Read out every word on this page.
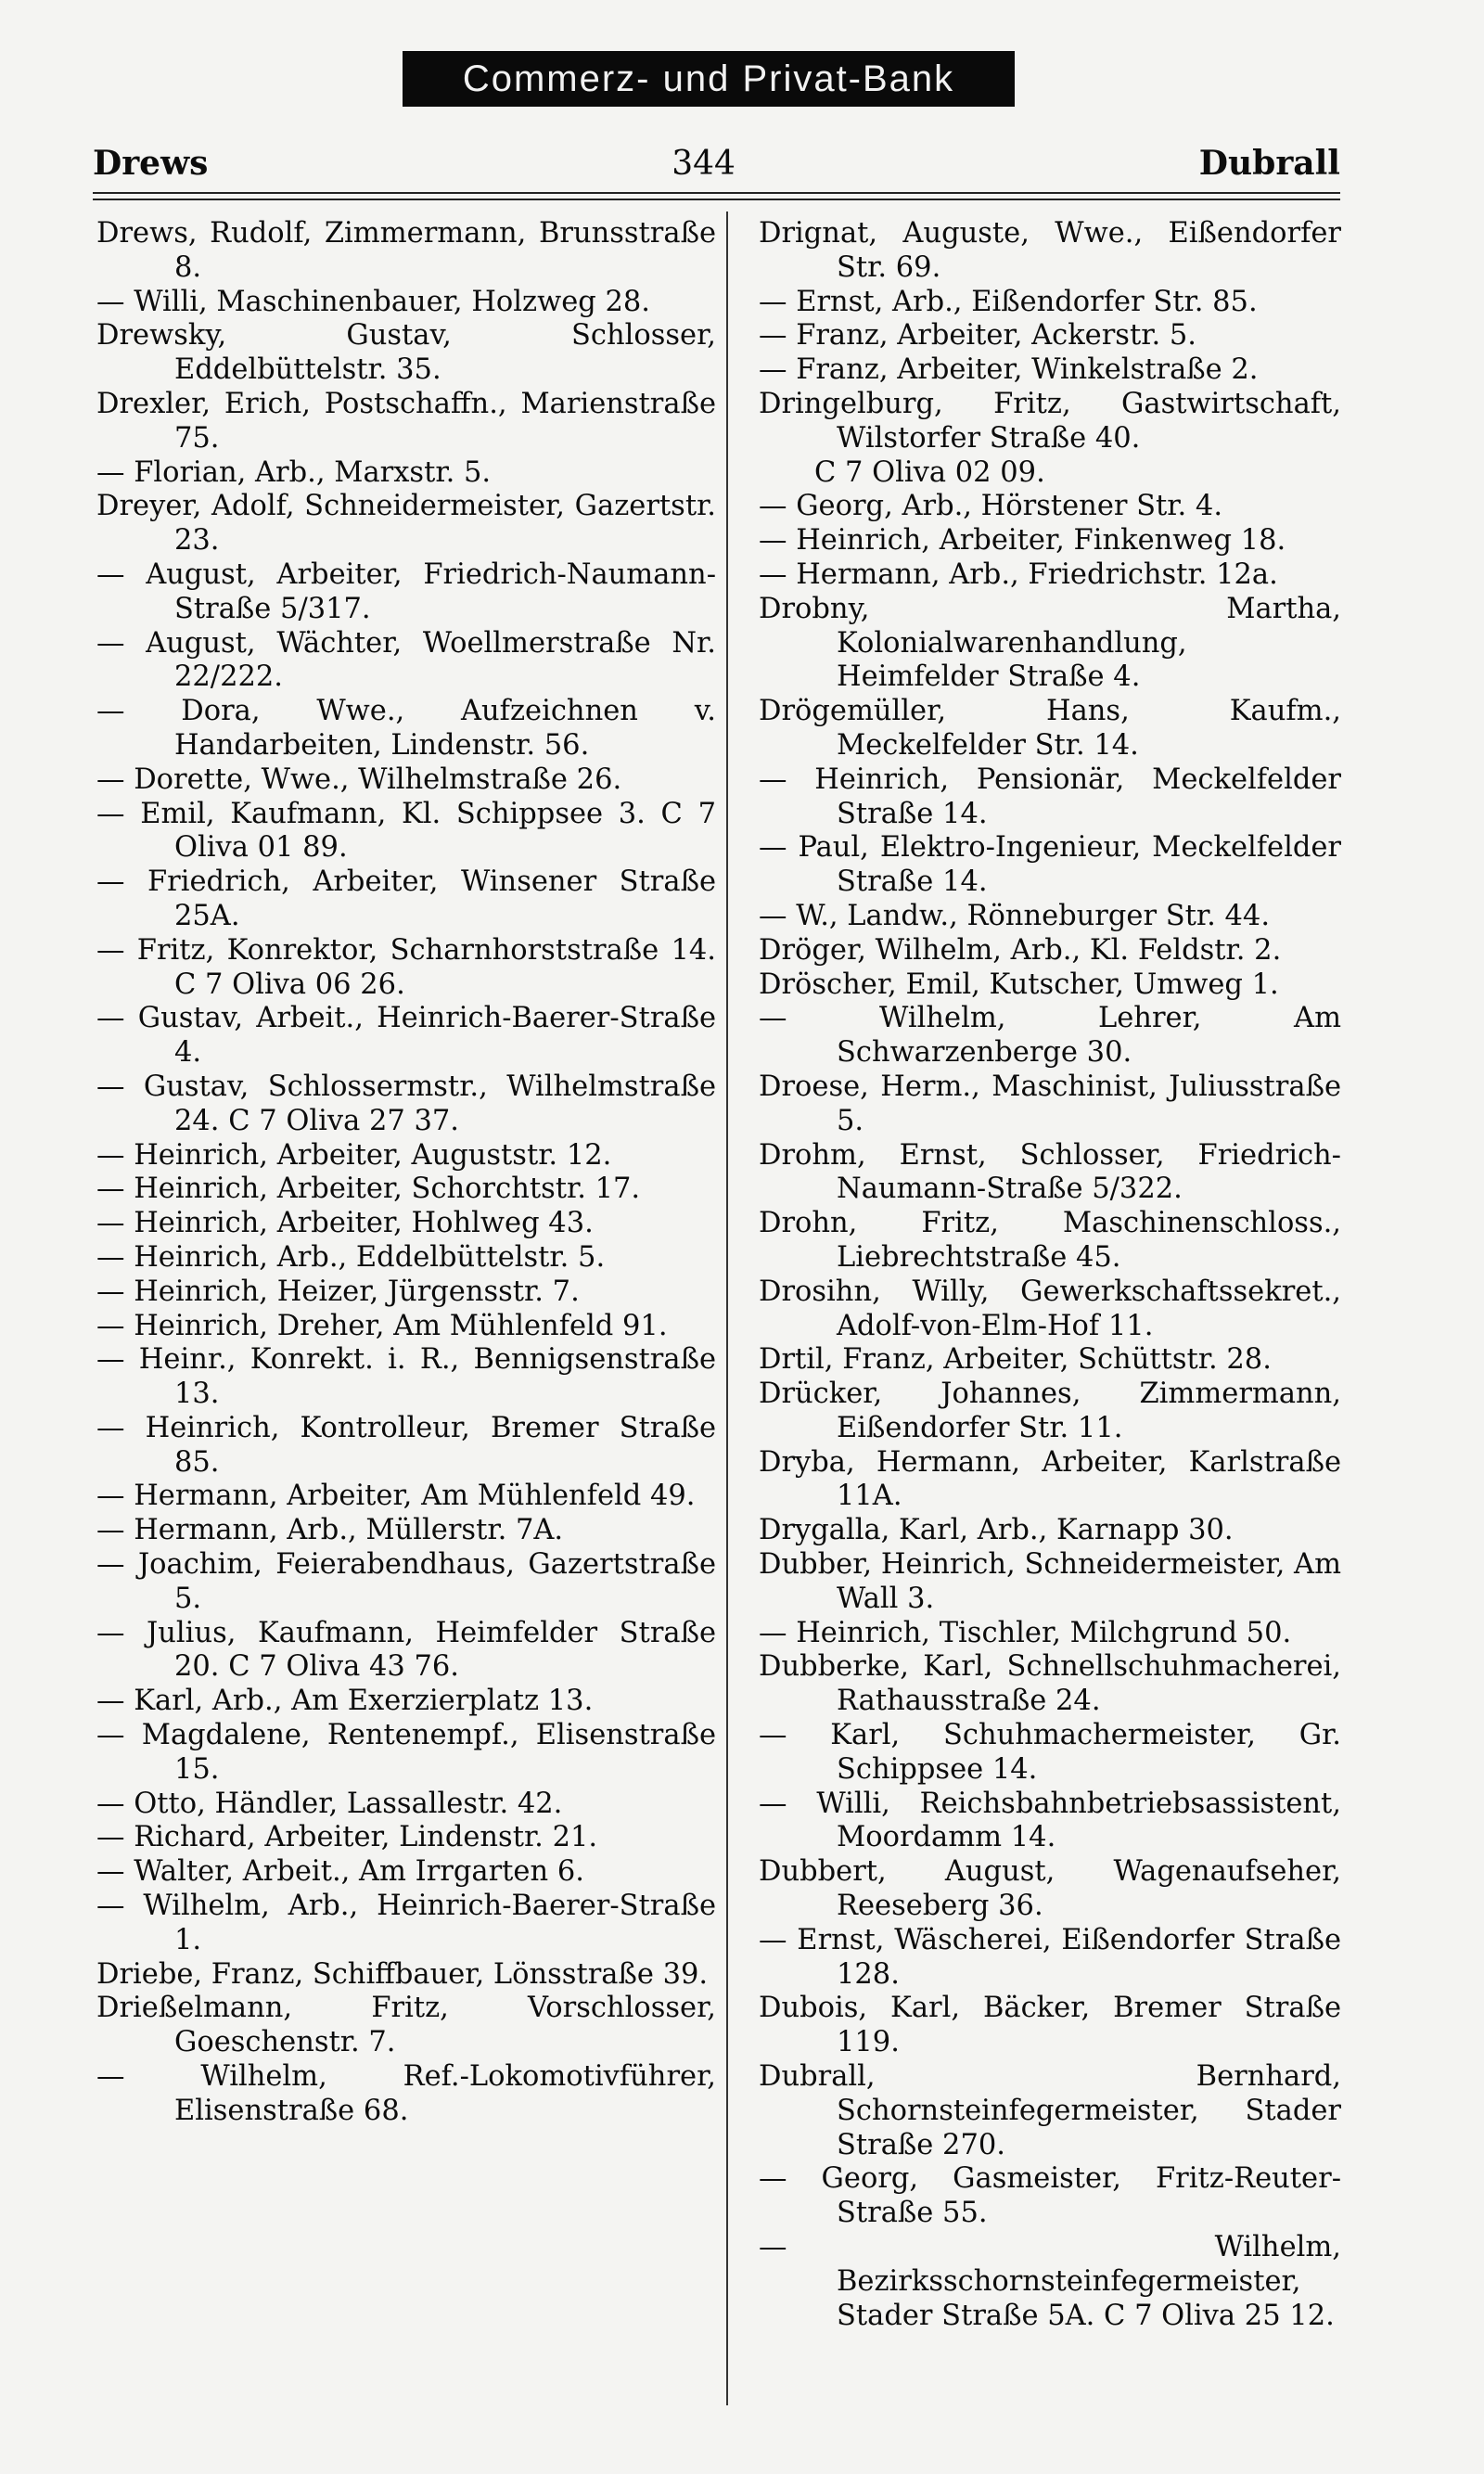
Commerz- und Privat-Bank
Drews	344	Dubrall
Drews, Rudolf, Zimmermann, Brunsstraße 8.
— Willi, Maschinenbauer, Holzweg 28.
Drewsky, Gustav, Schlosser, Eddelbüttelstr. 35.
Drexler, Erich, Postschaffn., Marienstraße 75.
— Florian, Arb., Marxstr. 5.
Dreyer, Adolf, Schneidermeister, Gazertstr. 23.
— August, Arbeiter, Friedrich-Naumann-Straße 5/317.
— August, Wächter, Woellmerstraße Nr. 22/222.
— Dora, Wwe., Aufzeichnen v. Handarbeiten, Lindenstr. 56.
— Dorette, Wwe., Wilhelmstraße 26.
— Emil, Kaufmann, Kl. Schippsee 3. C 7 Oliva 01 89.
— Friedrich, Arbeiter, Winsener Straße 25A.
— Fritz, Konrektor, Scharnhorststraße 14. C 7 Oliva 06 26.
— Gustav, Arbeit., Heinrich-Baerer-Straße 4.
— Gustav, Schlossermstr., Wilhelmstraße 24. C 7 Oliva 27 37.
— Heinrich, Arbeiter, Auguststr. 12.
— Heinrich, Arbeiter, Schorchtstr. 17.
— Heinrich, Arbeiter, Hohlweg 43.
— Heinrich, Arb., Eddelbüttelstr. 5.
— Heinrich, Heizer, Jürgensstr. 7.
— Heinrich, Dreher, Am Mühlenfeld 91.
— Heinr., Konrekt. i. R., Bennigsenstraße 13.
— Heinrich, Kontrolleur, Bremer Straße 85.
— Hermann, Arbeiter, Am Mühlenfeld 49.
— Hermann, Arb., Müllerstr. 7A.
— Joachim, Feierabendhaus, Gazertstraße 5.
— Julius, Kaufmann, Heimfelder Straße 20. C 7 Oliva 43 76.
— Karl, Arb., Am Exerzierplatz 13.
— Magdalene, Rentenempf., Elisenstraße 15.
— Otto, Händler, Lassallestr. 42.
— Richard, Arbeiter, Lindenstr. 21.
— Walter, Arbeit., Am Irrgarten 6.
— Wilhelm, Arb., Heinrich-Baerer-Straße 1.
Driebe, Franz, Schiffbauer, Lönsstraße 39.
Drießelmann, Fritz, Vorschlosser, Goeschenstr. 7.
— Wilhelm, Ref.-Lokomotivführer, Elisenstraße 68.
Drignat, Auguste, Wwe., Eißendorfer Str. 69.
— Ernst, Arb., Eißendorfer Str. 85.
— Franz, Arbeiter, Ackerstr. 5.
— Franz, Arbeiter, Winkelstraße 2.
Dringelburg, Fritz, Gastwirtschaft, Wilstorfer Straße 40.
C 7 Oliva 02 09.
— Georg, Arb., Hörstener Str. 4.
— Heinrich, Arbeiter, Finkenweg 18.
— Hermann, Arb., Friedrichstr. 12a.
Drobny, Martha, Kolonialwarenhandlung, Heimfelder Straße 4.
Drögemüller, Hans, Kaufm., Meckelfelder Str. 14.
— Heinrich, Pensionär, Meckelfelder Straße 14.
— Paul, Elektro-Ingenieur, Meckelfelder Straße 14.
— W., Landw., Rönneburger Str. 44.
Dröger, Wilhelm, Arb., Kl. Feldstr. 2.
Dröscher, Emil, Kutscher, Umweg 1.
— Wilhelm, Lehrer, Am Schwarzenberge 30.
Droese, Herm., Maschinist, Juliusstraße 5.
Drohm, Ernst, Schlosser, Friedrich-Naumann-Straße 5/322.
Drohn, Fritz, Maschinenschloss., Liebrechtstraße 45.
Drosihn, Willy, Gewerkschaftssekret., Adolf-von-Elm-Hof 11.
Drtil, Franz, Arbeiter, Schüttstr. 28.
Drücker, Johannes, Zimmermann, Eißendorfer Str. 11.
Dryba, Hermann, Arbeiter, Karlstraße 11A.
Drygalla, Karl, Arb., Karnapp 30.
Dubber, Heinrich, Schneidermeister, Am Wall 3.
— Heinrich, Tischler, Milchgrund 50.
Dubberke, Karl, Schnellschuhmacherei, Rathausstraße 24.
— Karl, Schuhmachermeister, Gr. Schippsee 14.
— Willi, Reichsbahnbetriebsassistent, Moordamm 14.
Dubbert, August, Wagenaufseher, Reeseberg 36.
— Ernst, Wäscherei, Eißendorfer Straße 128.
Dubois, Karl, Bäcker, Bremer Straße 119.
Dubrall, Bernhard, Schornsteinfegermeister, Stader Straße 270.
— Georg, Gasmeister, Fritz-Reuter-Straße 55.
— Wilhelm, Bezirksschornsteinfegermeister, Stader Straße 5A. C 7 Oliva 25 12.
